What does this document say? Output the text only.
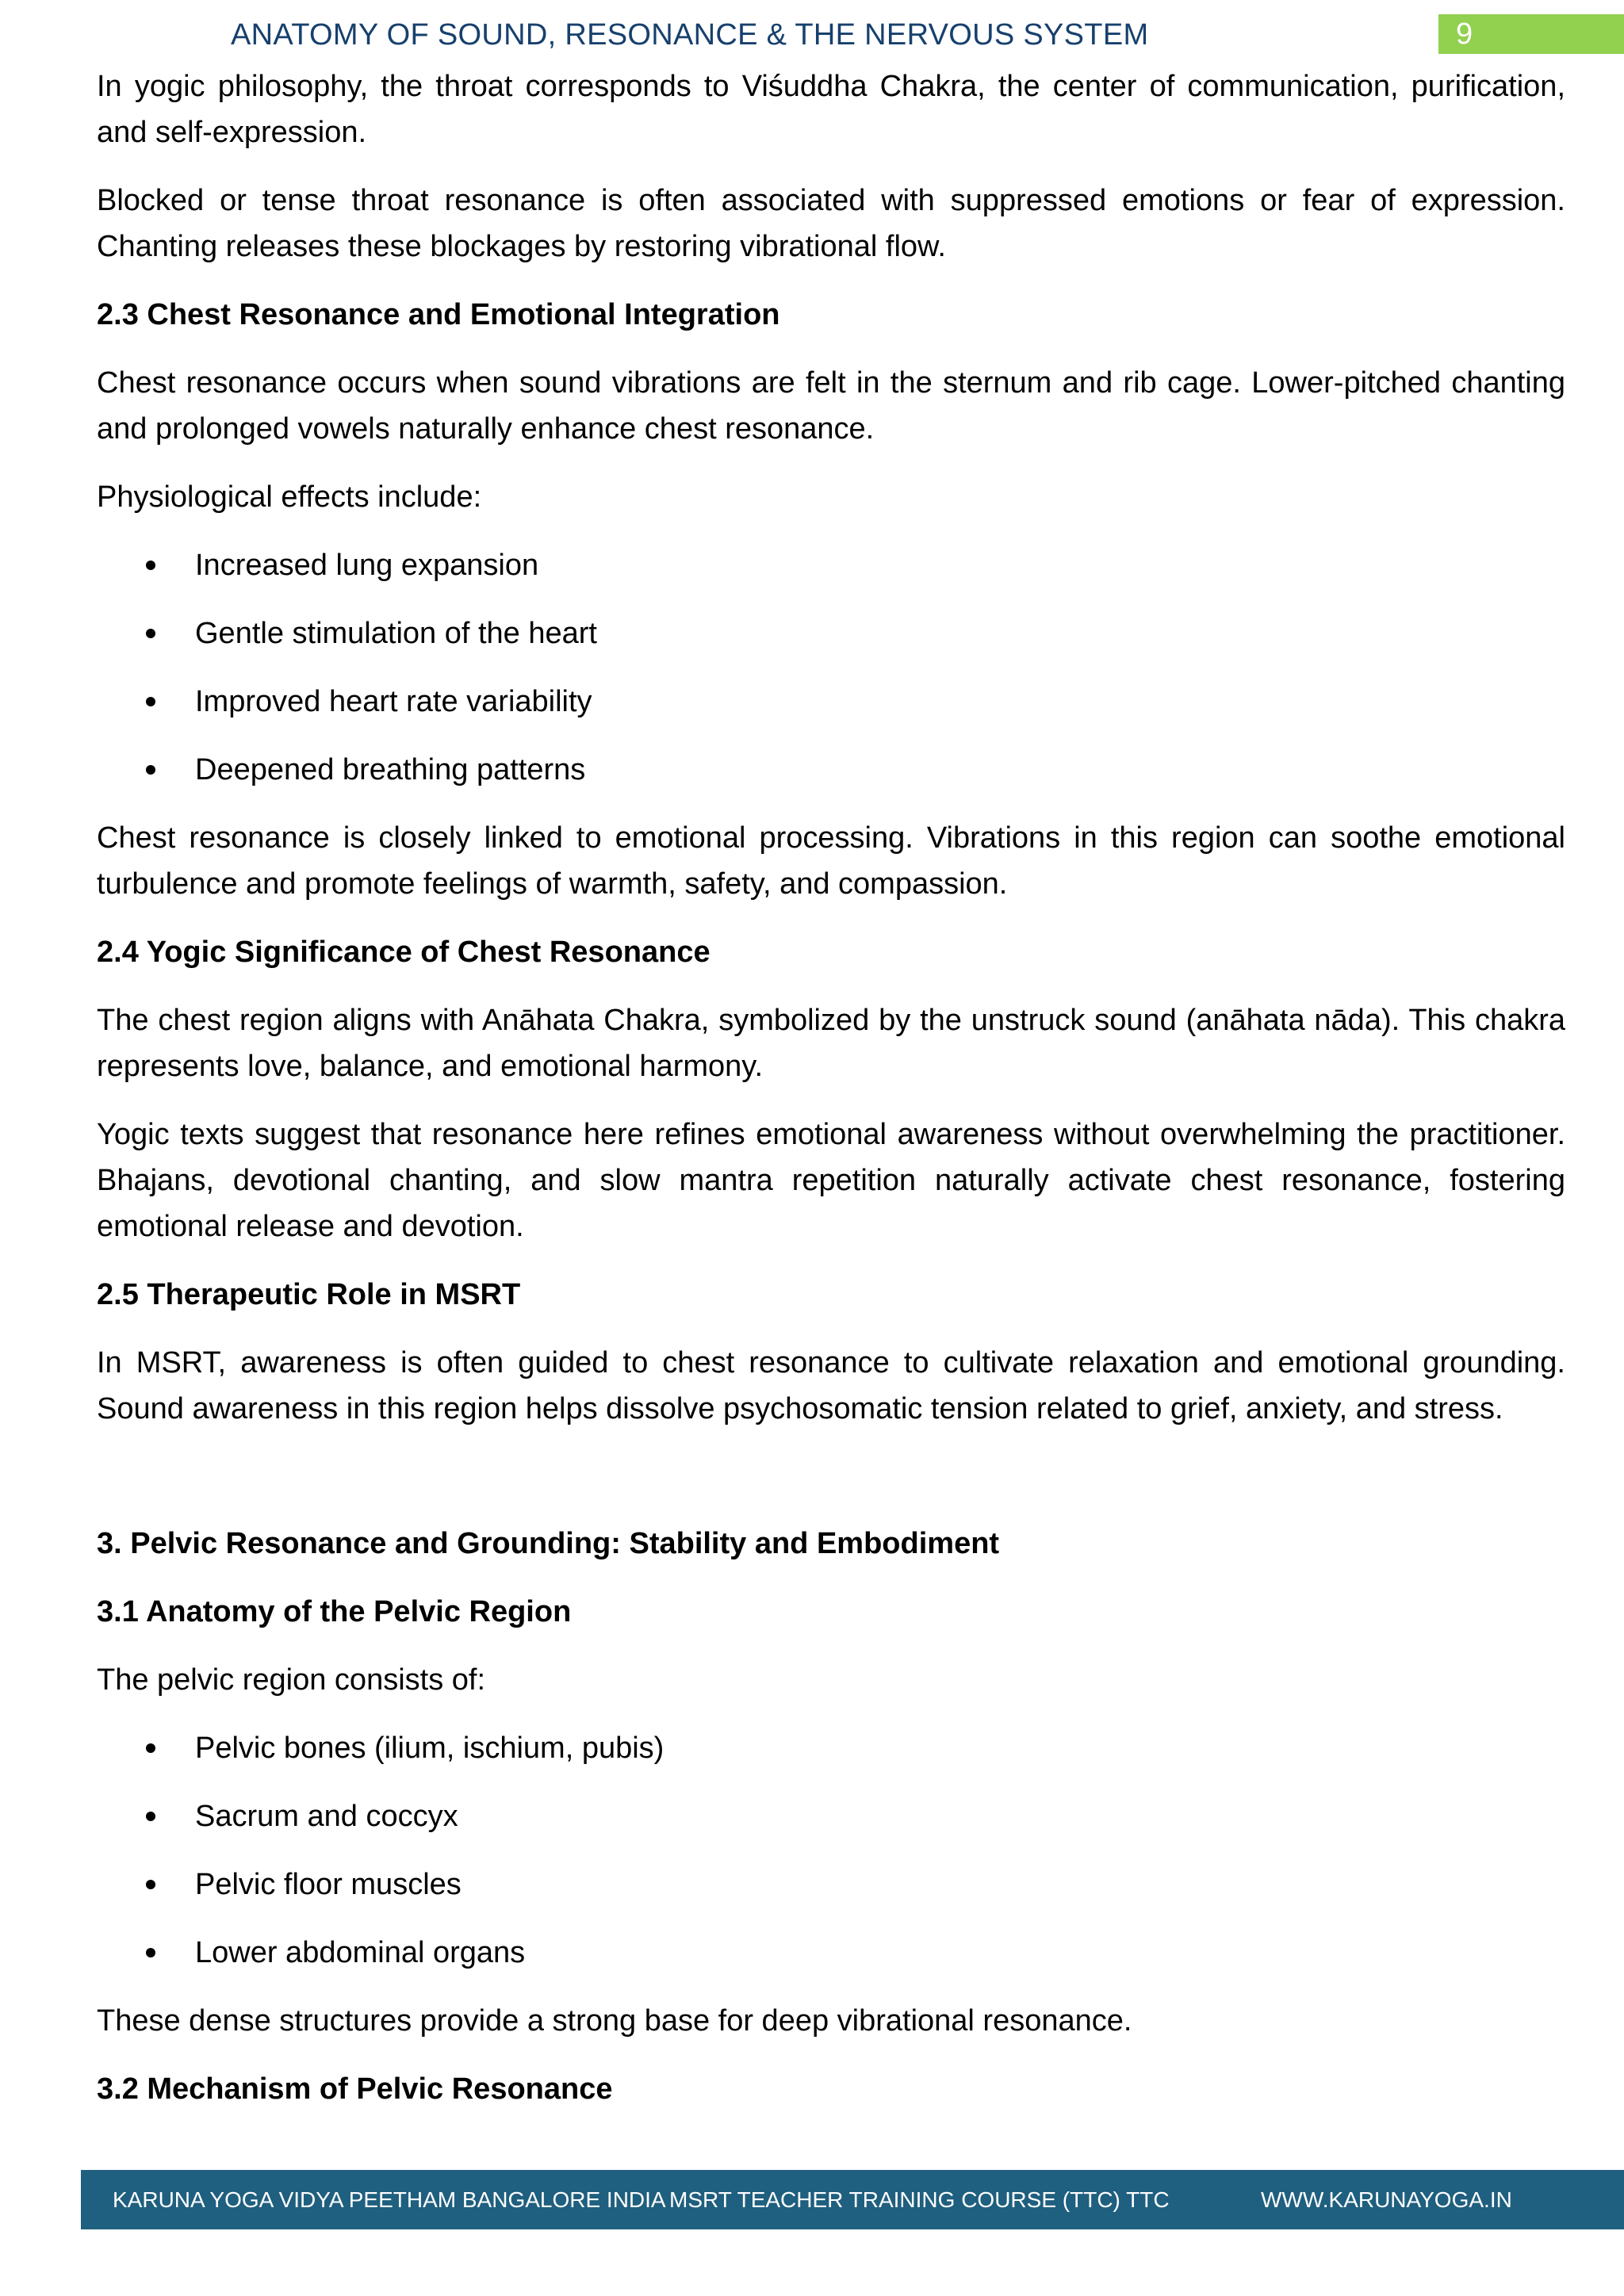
ANATOMY OF SOUND, RESONANCE & THE NERVOUS SYSTEM	9

In yogic philosophy, the throat corresponds to Viśuddha Chakra, the center of communication, purification, and self-expression.

Blocked or tense throat resonance is often associated with suppressed emotions or fear of expression. Chanting releases these blockages by restoring vibrational flow.

2.3 Chest Resonance and Emotional Integration

Chest resonance occurs when sound vibrations are felt in the sternum and rib cage. Lower-pitched chanting and prolonged vowels naturally enhance chest resonance.

Physiological effects include:

Increased lung expansion
Gentle stimulation of the heart
Improved heart rate variability
Deepened breathing patterns

Chest resonance is closely linked to emotional processing. Vibrations in this region can soothe emotional turbulence and promote feelings of warmth, safety, and compassion.

2.4 Yogic Significance of Chest Resonance

The chest region aligns with Anāhata Chakra, symbolized by the unstruck sound (anāhata nāda). This chakra represents love, balance, and emotional harmony.

Yogic texts suggest that resonance here refines emotional awareness without overwhelming the practitioner. Bhajans, devotional chanting, and slow mantra repetition naturally activate chest resonance, fostering emotional release and devotion.

2.5 Therapeutic Role in MSRT

In MSRT, awareness is often guided to chest resonance to cultivate relaxation and emotional grounding. Sound awareness in this region helps dissolve psychosomatic tension related to grief, anxiety, and stress.

3. Pelvic Resonance and Grounding: Stability and Embodiment
3.1 Anatomy of the Pelvic Region

The pelvic region consists of:

Pelvic bones (ilium, ischium, pubis)
Sacrum and coccyx
Pelvic floor muscles
Lower abdominal organs

These dense structures provide a strong base for deep vibrational resonance.

3.2 Mechanism of Pelvic Resonance
KARUNA YOGA VIDYA PEETHAM BANGALORE INDIA MSRT TEACHER TRAINING COURSE (TTC) TTC	WWW.KARUNAYOGA.IN
